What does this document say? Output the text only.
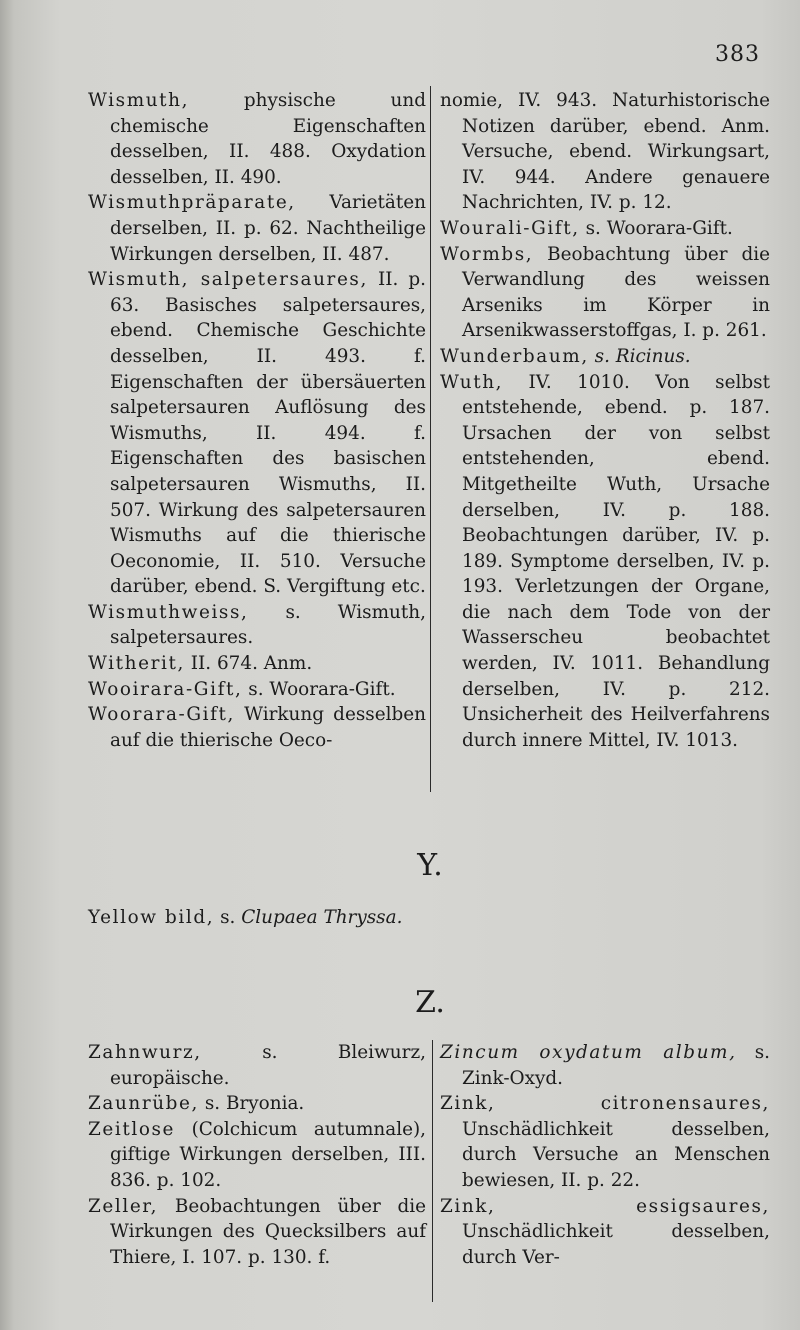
383

Wismuth,	physische und chemische Eigenschaften desselben, II. 488. Oxydation desselben, II. 490.

Wismuthpräparate, Varietäten derselben, II. p. 62. Nachtheilige Wirkungen derselben, II. 487.

Wismuth, salpetersaures, II. p. 63. Basisches salpetersaures, ebend. Chemische Geschichte desselben, II. 493. f. Eigenschaften der übersäuerten salpetersauren Auflösung des Wismuths, II. 494. f. Eigenschaften des basischen salpetersauren Wismuths, II. 507. Wirkung des salpetersauren Wismuths auf die thierische Oeconomie, II. 510. Versuche darüber, ebend. S. Vergiftung etc.

Wismuthweiss, s. Wismuth, salpetersaures.

Witherit, II. 674. Anm.

Wooirara-Gift, s. Woorara-Gift.

Woorara-Gift, Wirkung desselben auf die thierische Oeco-

nomie, IV. 943. Naturhistorische Notizen darüber, ebend. Anm. Versuche, ebend. Wirkungsart, IV. 944. Andere genauere Nachrichten, IV. p. 12.

Wourali-Gift, s. Woorara-Gift.

Wormbs, Beobachtung über die Verwandlung des weissen Arseniks im Körper in Arsenikwasserstoffgas, I. p. 261.

Wunderbaum, s. Ricinus.

Wuth, IV. 1010. Von selbst entstehende, ebend. p. 187. Ursachen der von selbst entstehenden, ebend. Mitgetheilte Wuth, Ursache derselben, IV. p. 188. Beobachtungen darüber, IV. p. 189. Symptome derselben, IV. p. 193. Verletzungen der Organe, die nach dem Tode von der Wasserscheu beobachtet werden, IV. 1011. Behandlung derselben, IV. p. 212. Unsicherheit des Heilverfahrens durch innere Mittel, IV. 1013.

Y.
Yellow bild, s. Clupaea Thryssa.
Z.

Zahnwurz,	s. Bleiwurz, europäische.

Zaunrübe, s. Bryonia.

Zeitlose (Colchicum autumnale), giftige Wirkungen derselben, III. 836. p. 102.

Zeller, Beobachtungen über die Wirkungen des Quecksilbers auf Thiere, I. 107. p. 130. f.

Zincum oxydatum album, s. Zink-Oxyd.

Zink, citronensaures, Unschädlichkeit desselben, durch Versuche an Menschen bewiesen, II. p. 22.

Zink, essigsaures, Unschädlichkeit desselben, durch Ver-
